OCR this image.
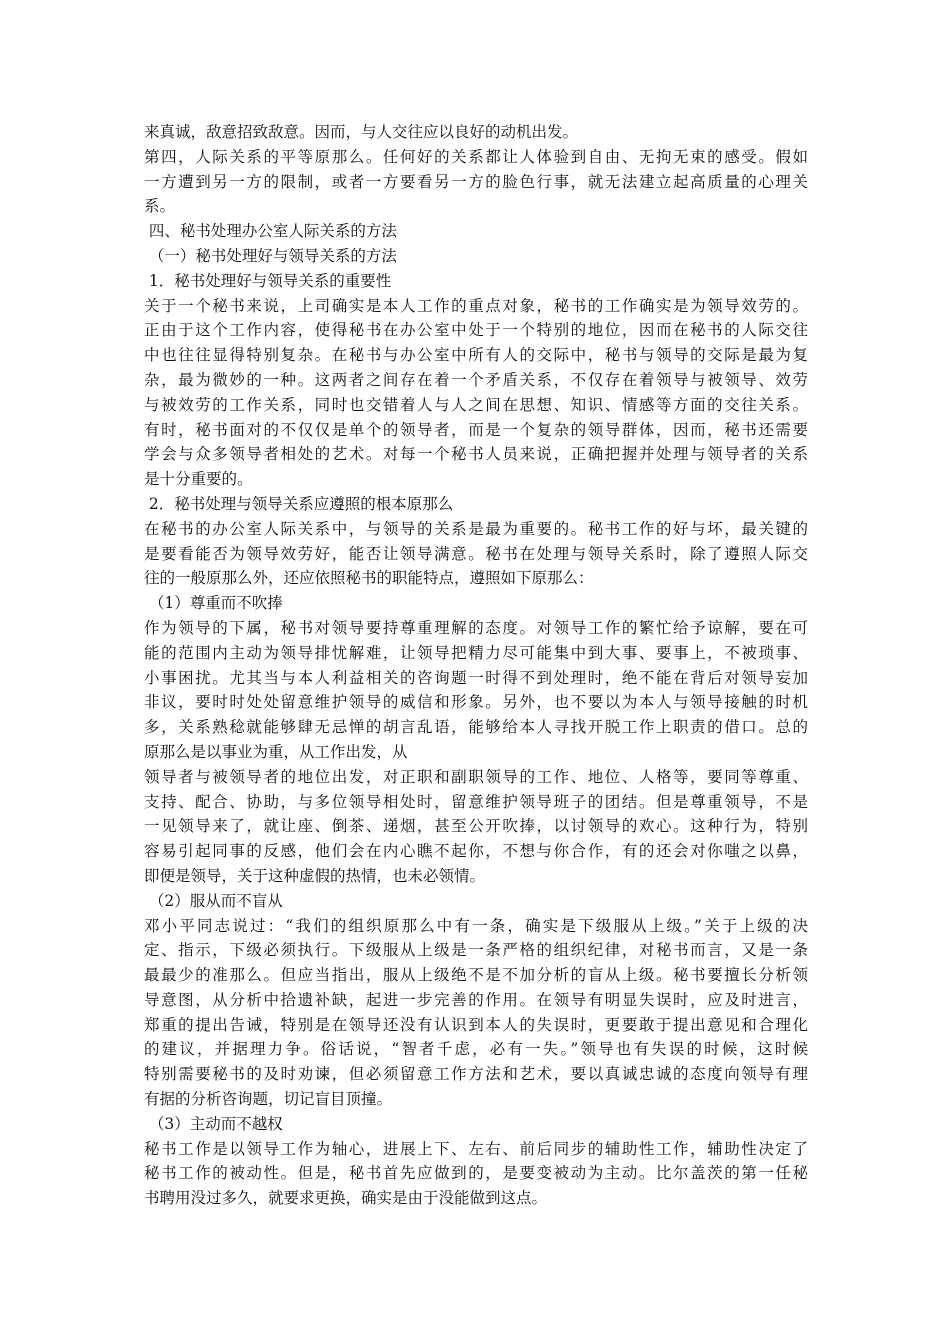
来真诚，敌意招致敌意。因而，与人交往应以良好的动机出发。
第四，人际关系的平等原那么。任何好的关系都让人体验到自由、无拘无束的感受。假如
一方遭到另一方的限制，或者一方要看另一方的脸色行事，就无法建立起高质量的心理关
系。
四、秘书处理办公室人际关系的方法
（一）秘书处理好与领导关系的方法
1．秘书处理好与领导关系的重要性
关于一个秘书来说，上司确实是本人工作的重点对象，秘书的工作确实是为领导效劳的。
正由于这个工作内容，使得秘书在办公室中处于一个特别的地位，因而在秘书的人际交往
中也往往显得特别复杂。在秘书与办公室中所有人的交际中，秘书与领导的交际是最为复
杂，最为微妙的一种。这两者之间存在着一个矛盾关系，不仅存在着领导与被领导、效劳
与被效劳的工作关系，同时也交错着人与人之间在思想、知识、情感等方面的交往关系。
有时，秘书面对的不仅仅是单个的领导者，而是一个复杂的领导群体，因而，秘书还需要
学会与众多领导者相处的艺术。对每一个秘书人员来说，正确把握并处理与领导者的关系
是十分重要的。
2．秘书处理与领导关系应遵照的根本原那么
在秘书的办公室人际关系中，与领导的关系是最为重要的。秘书工作的好与坏，最关键的
是要看能否为领导效劳好，能否让领导满意。秘书在处理与领导关系时，除了遵照人际交
往的一般原那么外，还应依照秘书的职能特点，遵照如下原那么：
（1）尊重而不吹捧
作为领导的下属，秘书对领导要持尊重理解的态度。对领导工作的繁忙给予谅解，要在可
能的范围内主动为领导排忧解难，让领导把精力尽可能集中到大事、要事上，不被琐事、
小事困扰。尤其当与本人利益相关的咨询题一时得不到处理时，绝不能在背后对领导妄加
非议，要时时处处留意维护领导的威信和形象。另外，也不要以为本人与领导接触的时机
多，关系熟稔就能够肆无忌惮的胡言乱语，能够给本人寻找开脱工作上职责的借口。总的
原那么是以事业为重，从工作出发，从
领导者与被领导者的地位出发，对正职和副职领导的工作、地位、人格等，要同等尊重、
支持、配合、协助，与多位领导相处时，留意维护领导班子的团结。但是尊重领导，不是
一见领导来了，就让座、倒茶、递烟，甚至公开吹捧，以讨领导的欢心。这种行为，特别
容易引起同事的反感，他们会在内心瞧不起你，不想与你合作，有的还会对你嗤之以鼻，
即便是领导，关于这种虚假的热情，也未必领情。
（2）服从而不盲从
邓小平同志说过：“我们的组织原那么中有一条，确实是下级服从上级。”关于上级的决
定、指示，下级必须执行。下级服从上级是一条严格的组织纪律，对秘书而言，又是一条
最最少的准那么。但应当指出，服从上级绝不是不加分析的盲从上级。秘书要擅长分析领
导意图，从分析中拾遗补缺，起进一步完善的作用。在领导有明显失误时，应及时进言，
郑重的提出告诫，特别是在领导还没有认识到本人的失误时，更要敢于提出意见和合理化
的建议，并据理力争。俗话说，“智者千虑，必有一失。”领导也有失误的时候，这时候
特别需要秘书的及时劝谏，但必须留意工作方法和艺术，要以真诚忠诚的态度向领导有理
有据的分析咨询题，切记盲目顶撞。
（3）主动而不越权
秘书工作是以领导工作为轴心，进展上下、左右、前后同步的辅助性工作，辅助性决定了
秘书工作的被动性。但是，秘书首先应做到的，是要变被动为主动。比尔盖茨的第一任秘
书聘用没过多久，就要求更换，确实是由于没能做到这点。
